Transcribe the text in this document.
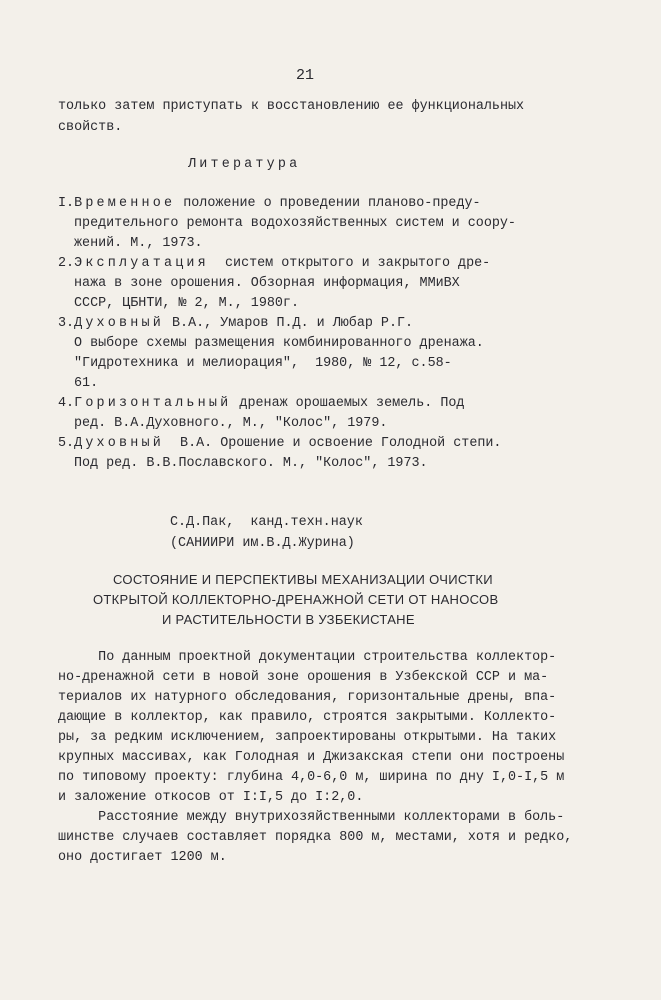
21
только затем приступать к восстановлению ее функциональных
свойств.
Литература
I.Временное положение о проведении планово-преду-
предительного ремонта водохозяйственных систем и соору-
жений. М., 1973.
2.Эксплуатация  систем открытого и закрытого дре-
нажа в зоне орошения. Обзорная информация, ММиВХ
СССР, ЦБНТИ, № 2, М., 1980г.
3.Духовный В.А., Умаров П.Д. и Любар Р.Г.
О выборе схемы размещения комбинированного дренажа.
"Гидротехника и мелиорация",  1980, № 12, с.58-
61.
4.Горизонтальный дренаж орошаемых земель. Под
ред. В.А.Духовного., М., "Колос", 1979.
5.Духовный  В.А. Орошение и освоение Голодной степи.
Под ред. В.В.Пославского. М., "Колос", 1973.
С.Д.Пак,  канд.техн.наук
(САНИИРИ им.В.Д.Журина)
СОСТОЯНИЕ И ПЕРСПЕКТИВЫ МЕХАНИЗАЦИИ ОЧИСТКИ
ОТКРЫТОЙ КОЛЛЕКТОРНО-ДРЕНАЖНОЙ СЕТИ ОТ НАНОСОВ
И РАСТИТЕЛЬНОСТИ В УЗБЕКИСТАНЕ
По данным проектной документации строительства коллектор-
но-дренажной сети в новой зоне орошения в Узбекской ССР и ма-
териалов их натурного обследования, горизонтальные дрены, впа-
дающие в коллектор, как правило, строятся закрытыми. Коллекто-
ры, за редким исключением, запроектированы открытыми. На таких
крупных массивах, как Голодная и Джизакская степи они построены
по типовому проекту: глубина 4,0-6,0 м, ширина по дну I,0-I,5 м
и заложение откосов от I:I,5 до I:2,0.
Расстояние между внутрихозяйственными коллекторами в боль-
шинстве случаев составляет порядка 800 м, местами, хотя и редко,
оно достигает 1200 м.
